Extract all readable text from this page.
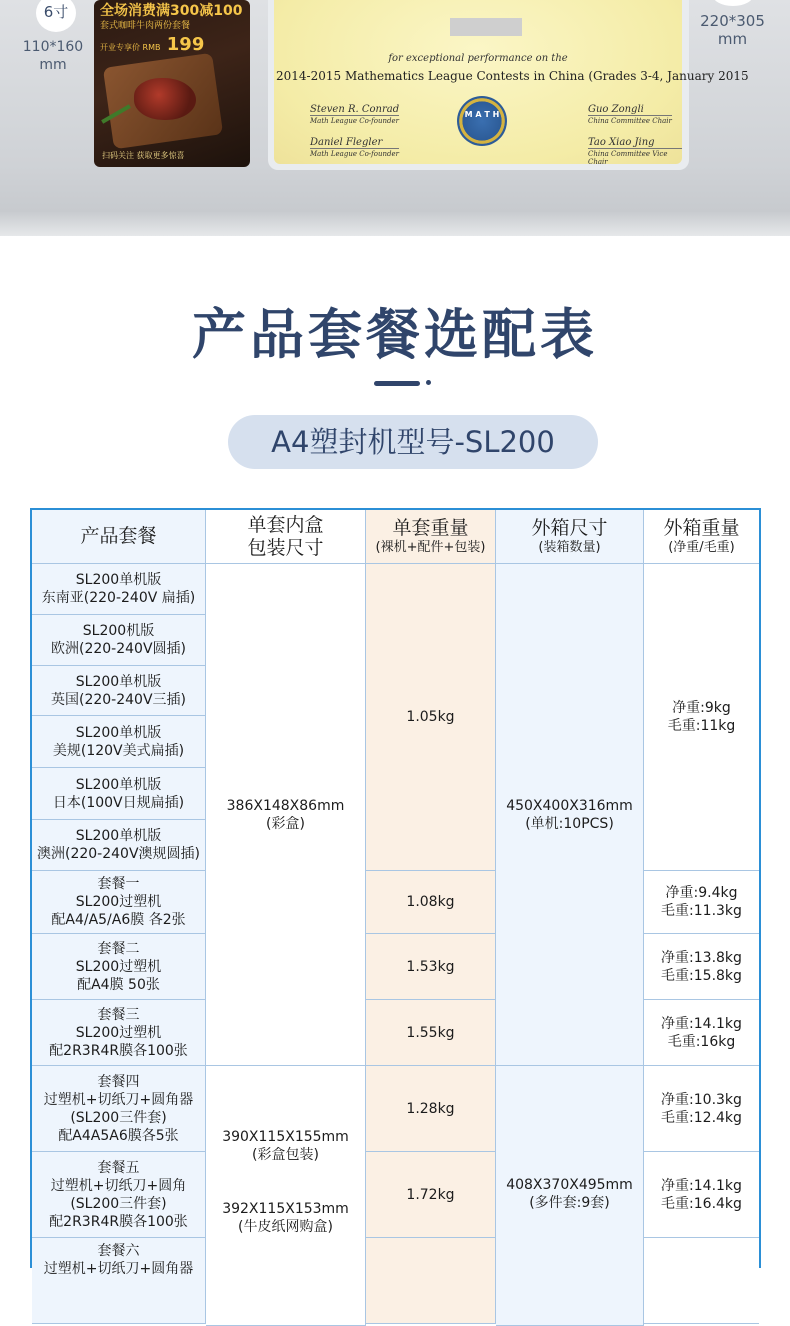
6寸
110*160
mm
220*305
mm
全场消费满300减100
套式咖啡牛肉两份套餐
开业专享价 RMB 199
扫码关注 获取更多惊喜
for exceptional performance on the
2014-2015 Mathematics League Contests in China (Grades 3-4, January 2015
Steven R. Conrad
Math League Co-founder
Daniel Flegler
Math League Co-founder
Guo Zongli
China Committee Chair
Tao Xiao Jing
China Committee Vice Chair
M A T H
产品套餐选配表
A4塑封机型号-SL200
产品套餐
单套内盒
包装尺寸
单套重量
(裸机+配件+包装)
外箱尺寸
(装箱数量)
外箱重量
(净重/毛重)
SL200单机版
东南亚(220-240V 扁插)
SL200机版
欧洲(220-240V圆插)
SL200单机版
英国(220-240V三插)
SL200单机版
美规(120V美式扁插)
SL200单机版
日本(100V日规扁插)
SL200单机版
澳洲(220-240V澳规圆插)
套餐一
SL200过塑机
配A4/A5/A6膜 各2张
套餐二
SL200过塑机
配A4膜 50张
套餐三
SL200过塑机
配2R3R4R膜各100张
套餐四
过塑机+切纸刀+圆角器
(SL200三件套)
配A4A5A6膜各5张
套餐五
过塑机+切纸刀+圆角
(SL200三件套)
配2R3R4R膜各100张
套餐六
过塑机+切纸刀+圆角器
386X148X86mm
(彩盒)
390X115X155mm
(彩盒包装)

392X115X153mm
(牛皮纸网购盒)
1.05kg
1.08kg
1.53kg
1.55kg
1.28kg
1.72kg
450X400X316mm
(单机:10PCS)
408X370X495mm
(多件套:9套)
净重:9kg
毛重:11kg
净重:9.4kg
毛重:11.3kg
净重:13.8kg
毛重:15.8kg
净重:14.1kg
毛重:16kg
净重:10.3kg
毛重:12.4kg
净重:14.1kg
毛重:16.4kg
